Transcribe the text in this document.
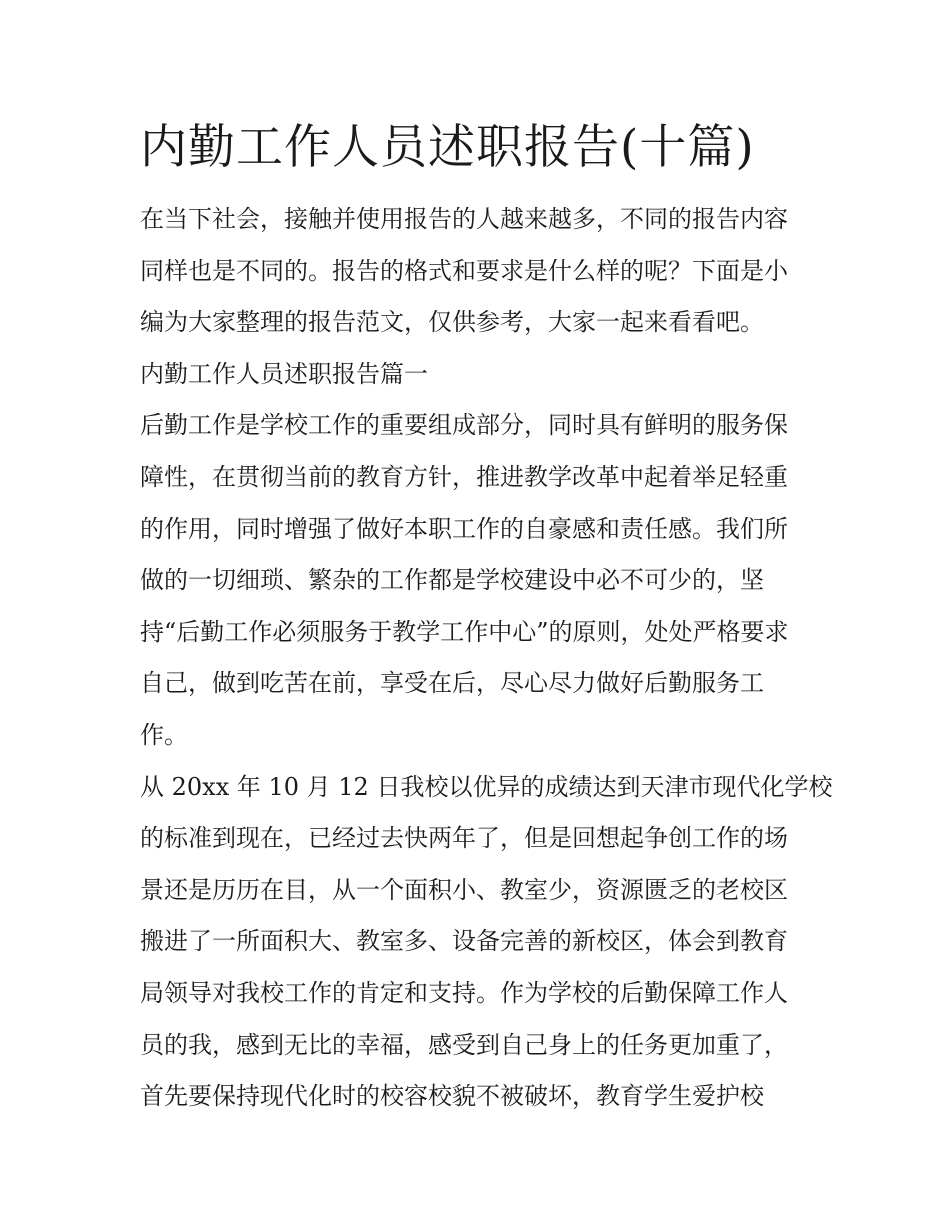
内勤工作人员述职报告(十篇)

在当下社会，接触并使用报告的人越来越多，不同的报告内容

同样也是不同的。报告的格式和要求是什么样的呢？下面是小

编为大家整理的报告范文，仅供参考，大家一起来看看吧。

内勤工作人员述职报告篇一

后勤工作是学校工作的重要组成部分，同时具有鲜明的服务保

障性，在贯彻当前的教育方针，推进教学改革中起着举足轻重

的作用，同时增强了做好本职工作的自豪感和责任感。我们所

做的一切细琐、繁杂的工作都是学校建设中必不可少的，坚

持“后勤工作必须服务于教学工作中心”的原则，处处严格要求

自己，做到吃苦在前，享受在后，尽心尽力做好后勤服务工

作。

从 20xx 年 10 月 12 日我校以优异的成绩达到天津市现代化学校

的标准到现在，已经过去快两年了，但是回想起争创工作的场

景还是历历在目，从一个面积小、教室少，资源匮乏的老校区

搬进了一所面积大、教室多、设备完善的新校区，体会到教育

局领导对我校工作的肯定和支持。作为学校的后勤保障工作人

员的我，感到无比的幸福，感受到自己身上的任务更加重了，

首先要保持现代化时的校容校貌不被破坏，教育学生爱护校
